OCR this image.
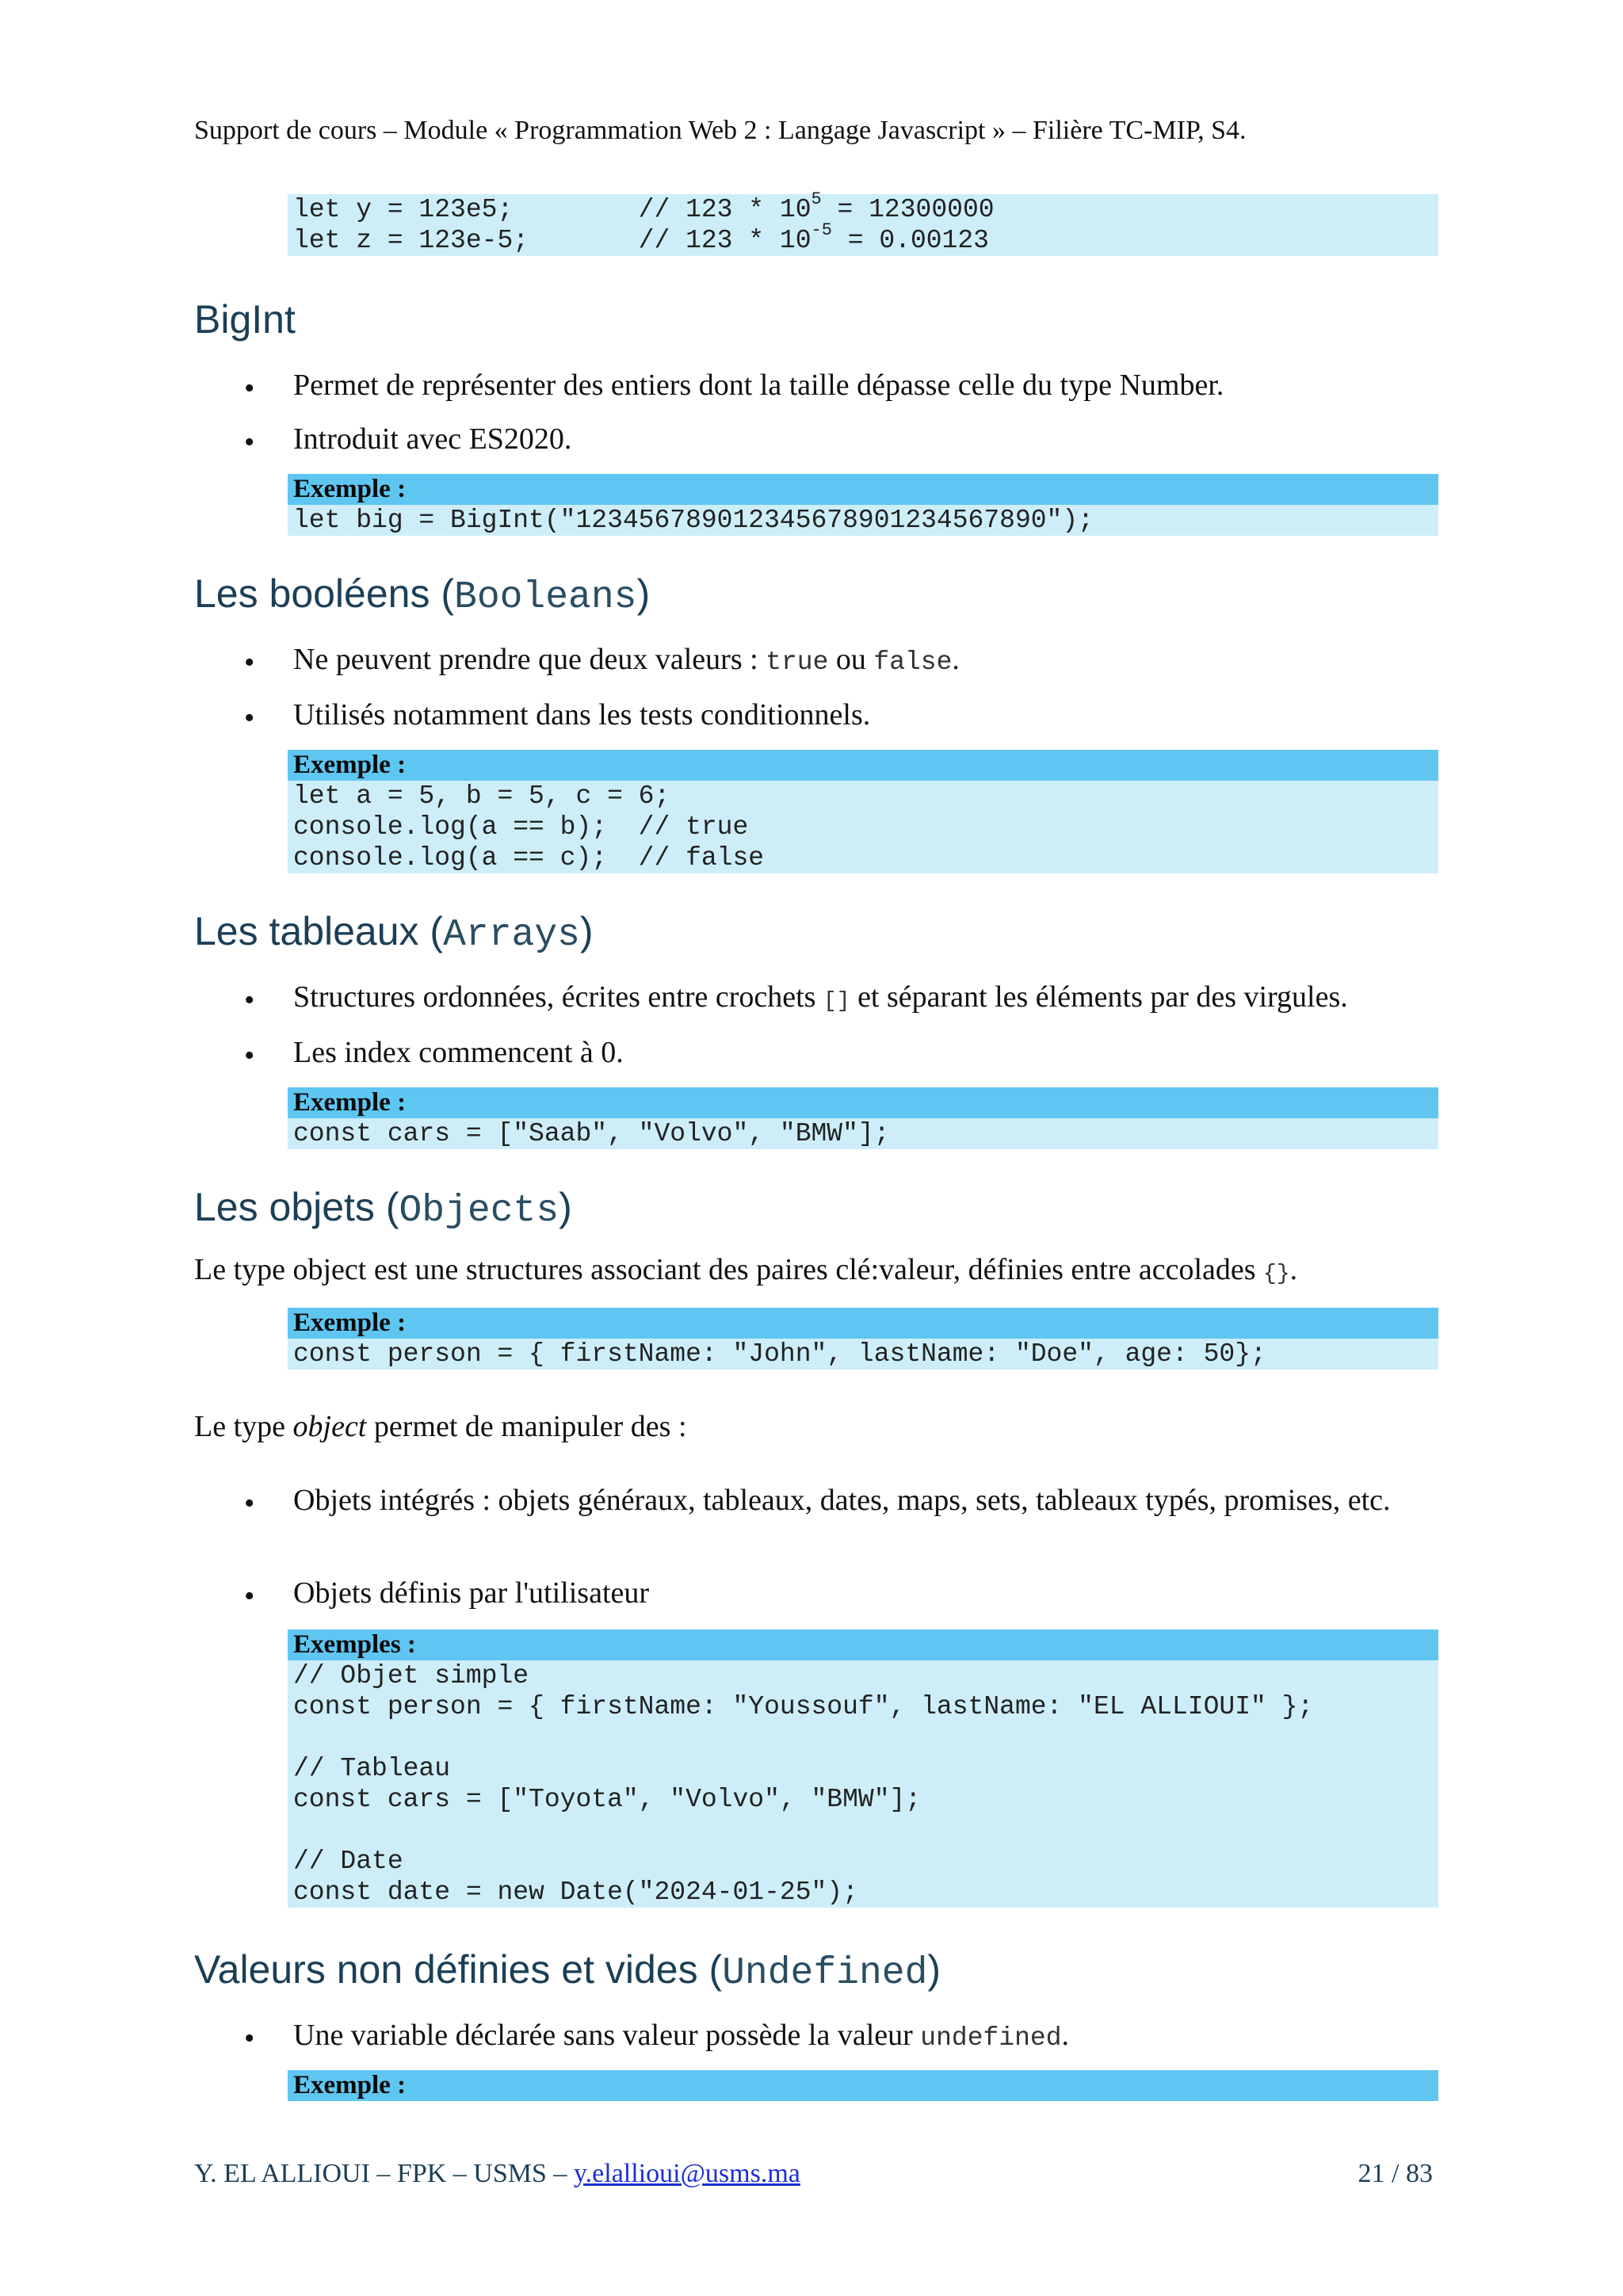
Support de cours – Module « Programmation Web 2 : Langage Javascript » – Filière TC-MIP, S4.
let y = 123e5;        // $123 * 10^5 = 12300000$
let z = 123e-5;       // $123 * 10^{-5} = 0.00123$
BigInt
• Permet de représenter des entiers dont la taille dépasse celle du type Number.
• Introduit avec ES2020.
Exemple :
let big = BigInt("123456789012345678901234567890");
Les booléens (Booleans)
• Ne peuvent prendre que deux valeurs : true ou false.
• Utilisés notamment dans les tests conditionnels.
Exemple :
let a = 5, b = 5, c = 6;
console.log(a == b);  // true
console.log(a == c);  // false
Les tableaux (Arrays)
• Structures ordonnées, écrites entre crochets [] et séparant les éléments par des virgules.
• Les index commencent à 0.
Exemple :
const cars = ["Saab", "Volvo", "BMW"];
Les objets (Objects)
Le type object est une structures associant des paires clé:valeur, définies entre accolades {}.
Exemple :
const person = { firstName: "John", lastName: "Doe", age: 50};
Le type object permet de manipuler des :
• Objets intégrés : objets généraux, tableaux, dates, maps, sets, tableaux typés, promises, etc.
• Objets définis par l'utilisateur
Exemples :
// Objet simple
const person = { firstName: "Youssouf", lastName: "EL ALLIOUI" };
// Tableau
const cars = ["Toyota", "Volvo", "BMW"];
// Date
const date = new Date("2024-01-25");
Valeurs non définies et vides (Undefined)
• Une variable déclarée sans valeur possède la valeur undefined.
Exemple :
Y. EL ALLIOUI – FPK – USMS – y.elallioui@usms.ma	21 / 83
